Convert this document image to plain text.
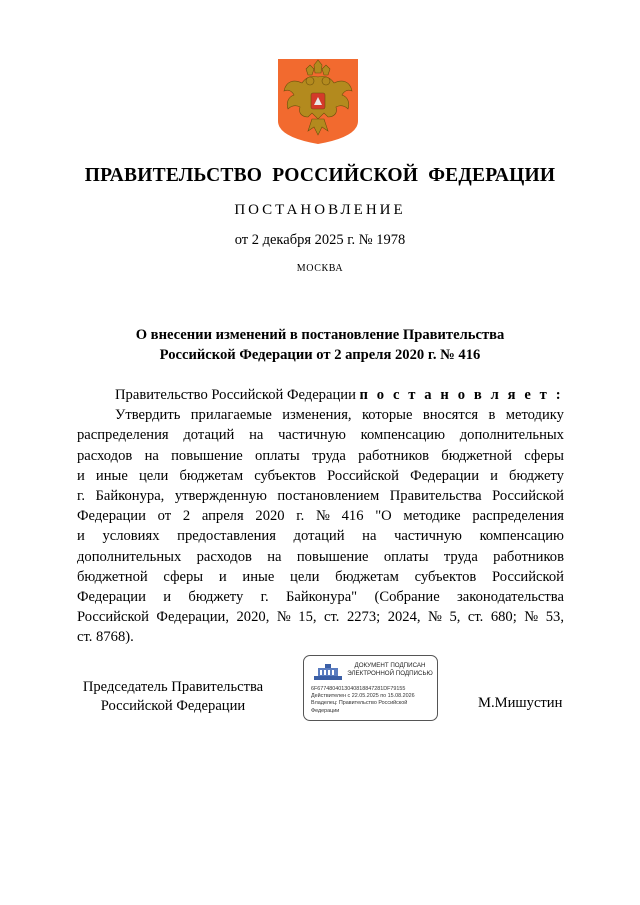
ПРАВИТЕЛЬСТВО  РОССИЙСКОЙ  ФЕДЕРАЦИИ
ПОСТАНОВЛЕНИЕ
от 2 декабря 2025 г. № 1978
МОСКВА
О внесении изменений в постановление Правительства
Российской Федерации от 2 апреля 2020 г. № 416
Правительство Российской Федерации п о с т а н о в л я е т :
Утвердить прилагаемые изменения, которые вносятся в методику
распределения дотаций на частичную компенсацию дополнительных
расходов на повышение оплаты труда работников бюджетной сферы
и иные цели бюджетам субъектов Российской Федерации и бюджету
г. Байконура, утвержденную постановлением Правительства Российской
Федерации от 2 апреля 2020 г. № 416 "О методике распределения
и условиях предоставления дотаций на частичную компенсацию
дополнительных расходов на повышение оплаты труда работников
бюджетной сферы и иные цели бюджетам субъектов Российской
Федерации и бюджету г. Байконура" (Собрание законодательства
Российской Федерации, 2020, № 15, ст. 2273; 2024, № 5, ст. 680; № 53,
ст. 8768).
Председатель Правительства
Российской Федерации
ДОКУМЕНТ ПОДПИСАН
ЭЛЕКТРОННОЙ ПОДПИСЬЮ
6F6774804013040818847281DF79155
Действителен с 22.05.2025 по 15.08.2026
Владелец: Правительство Российской
Федерации	М.Мишустин
